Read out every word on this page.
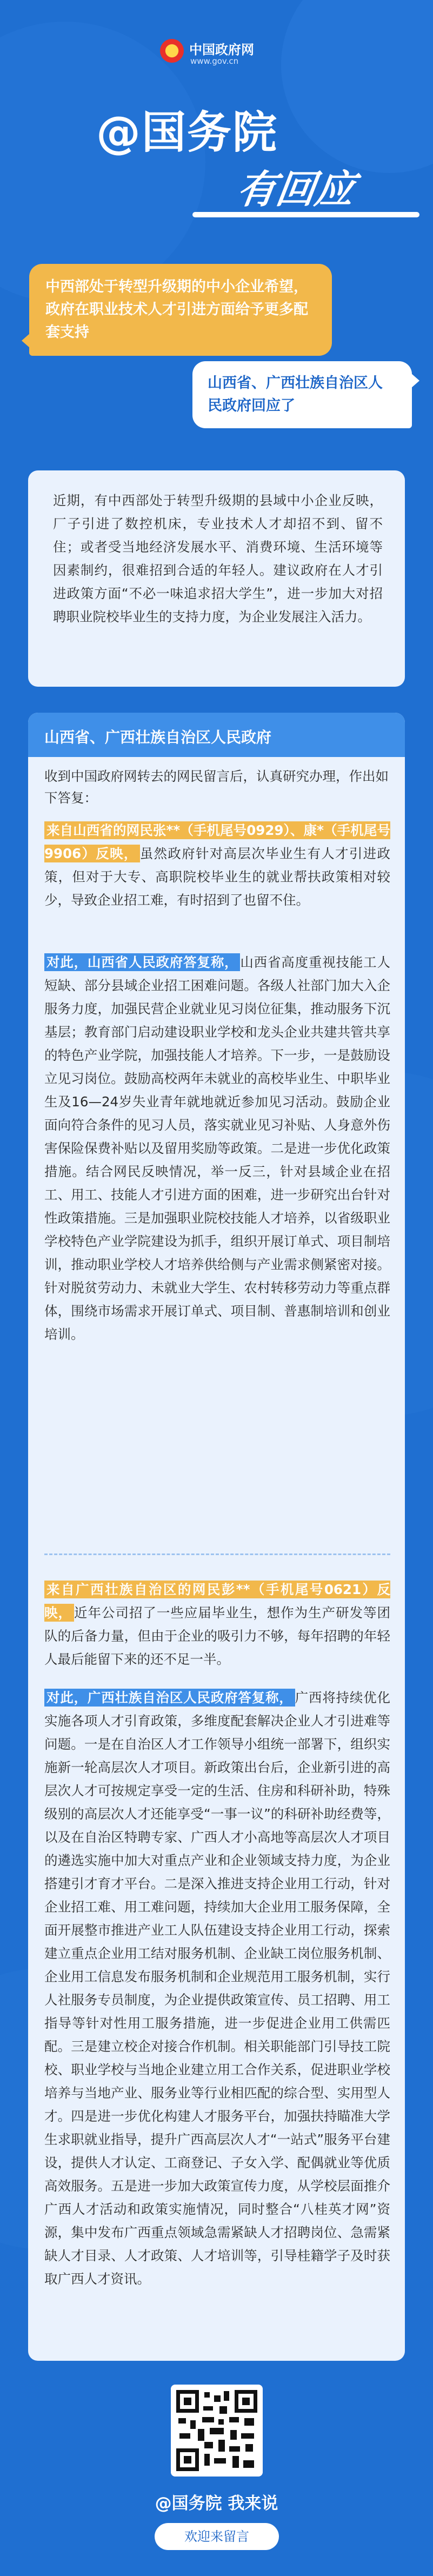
中国政府网
www.gov.cn
@国务院
有回应
中西部处于转型升级期的中小企业希望，政府在职业技术人才引进方面给予更多配套支持
山西省、广西壮族自治区人民政府回应了

近期，有中西部处于转型升级期的县域中小企业反映，厂子引进了数控机床，专业技术人才却招不到、留不住；或者受当地经济发展水平、消费环境、生活环境等因素制约，很难招到合适的年轻人。建议政府在人才引进政策方面“不必一味追求招大学生”，进一步加大对招聘职业院校毕业生的支持力度，为企业发展注入活力。

山西省、广西壮族自治区人民政府

收到中国政府网转去的网民留言后，认真研究办理，作出如下答复：

来自山西省的网民张**（手机尾号0929）、康*（手机尾号9906）反映， 虽然政府针对高层次毕业生有人才引进政策，但对于大专、高职院校毕业生的就业帮扶政策相对较少，导致企业招工难，有时招到了也留不住。

对此，山西省人民政府答复称， 山西省高度重视技能工人短缺、部分县域企业招工困难问题。各级人社部门加大入企服务力度，加强民营企业就业见习岗位征集，推动服务下沉基层；教育部门启动建设职业学校和龙头企业共建共管共享的特色产业学院，加强技能人才培养。下一步，一是鼓励设立见习岗位。鼓励高校两年未就业的高校毕业生、中职毕业生及16—24岁失业青年就地就近参加见习活动。鼓励企业面向符合条件的见习人员，落实就业见习补贴、人身意外伤害保险保费补贴以及留用奖励等政策。二是进一步优化政策措施。结合网民反映情况，举一反三，针对县域企业在招工、用工、技能人才引进方面的困难，进一步研究出台针对性政策措施。三是加强职业院校技能人才培养，以省级职业学校特色产业学院建设为抓手，组织开展订单式、项目制培训，推动职业学校人才培养供给侧与产业需求侧紧密对接。针对脱贫劳动力、未就业大学生、农村转移劳动力等重点群体，围绕市场需求开展订单式、项目制、普惠制培训和创业培训。

来自广西壮族自治区的网民彭**（手机尾号0621）反映， 近年公司招了一些应届毕业生，想作为生产研发等团队的后备力量，但由于企业的吸引力不够，每年招聘的年轻人最后能留下来的还不足一半。

对此，广西壮族自治区人民政府答复称， 广西将持续优化实施各项人才引育政策，多维度配套解决企业人才引进难等问题。一是在自治区人才工作领导小组统一部署下，组织实施新一轮高层次人才项目。新政策出台后，企业新引进的高层次人才可按规定享受一定的生活、住房和科研补助，特殊级别的高层次人才还能享受“一事一议”的科研补助经费等，以及在自治区特聘专家、广西人才小高地等高层次人才项目的遴选实施中加大对重点产业和企业领域支持力度，为企业搭建引才育才平台。二是深入推进支持企业用工行动，针对企业招工难、用工难问题，持续加大企业用工服务保障，全面开展整市推进产业工人队伍建设支持企业用工行动，探索建立重点企业用工结对服务机制、企业缺工岗位服务机制、企业用工信息发布服务机制和企业规范用工服务机制，实行人社服务专员制度，为企业提供政策宣传、员工招聘、用工指导等针对性用工服务措施，进一步促进企业用工供需匹配。三是建立校企对接合作机制。相关职能部门引导技工院校、职业学校与当地企业建立用工合作关系，促进职业学校培养与当地产业、服务业等行业相匹配的综合型、实用型人才。四是进一步优化构建人才服务平台，加强扶持瞄准大学生求职就业指导，提升广西高层次人才“一站式”服务平台建设，提供人才认定、工商登记、子女入学、配偶就业等优质高效服务。五是进一步加大政策宣传力度，从学校层面推介广西人才活动和政策实施情况，同时整合“八桂英才网”资源，集中发布广西重点领域急需紧缺人才招聘岗位、急需紧缺人才目录、人才政策、人才培训等，引导桂籍学子及时获取广西人才资讯。

@国务院 我来说
欢迎来留言
